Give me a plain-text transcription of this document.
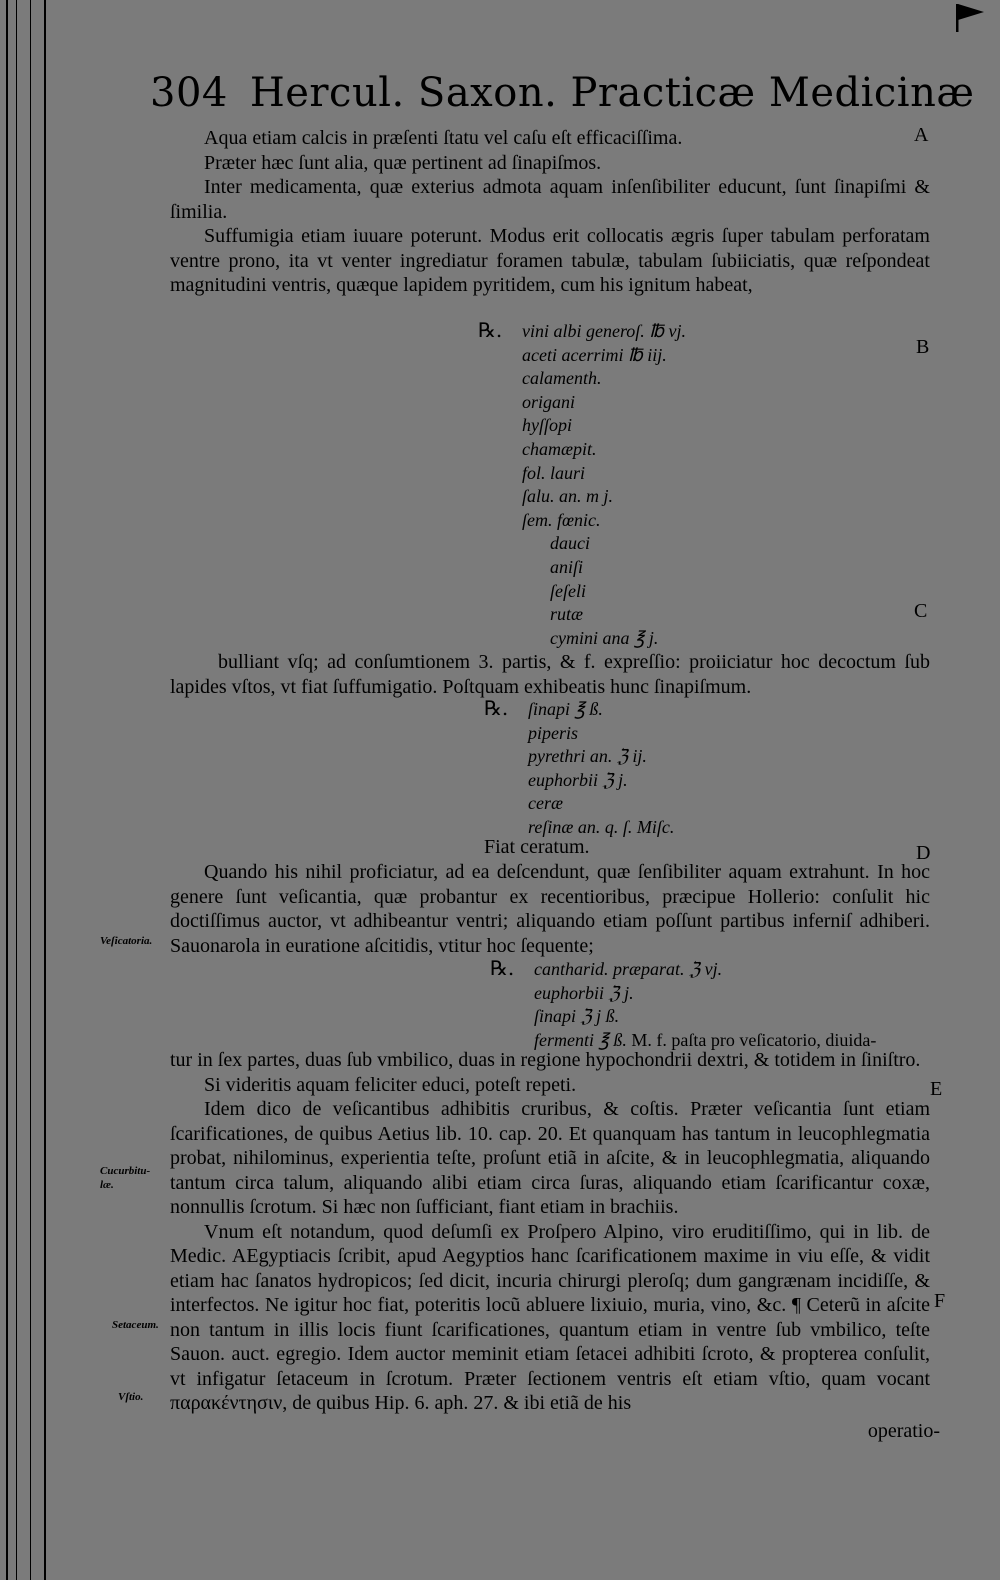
304 Hercul. Saxon. Practicæ Medicinæ

Aqua etiam calcis in præſenti ſtatu vel caſu eſt efficaciſſima.

Præter hæc ſunt alia, quæ pertinent ad ſinapiſmos.

Inter medicamenta, quæ exterius admota aquam inſenſibiliter educunt, ſunt ſinapiſmi & ſimilia.

Suffumigia etiam iuuare poterunt. Modus erit collocatis ægris ſuper tabulam perforatam ventre prono, ita vt venter ingrediatur foramen tabulæ, tabulam ſubiiciatis, quæ reſpondeat magnitudini ventris, quæque lapidem pyritidem, cum his ignitum habeat,

℞. vini albi generoſ. ℔ vj.
aceti acerrimi ℔ iij.
calamenth.
origani
hyſſopi
chamæpit.
fol. lauri
ſalu. an. m j.
ſem. fœnic.
dauci
aniſi
ſeſeli
rutæ
cymini ana ℥ j.

bulliant vſq; ad conſumtionem 3. partis, & f. expreſſio: proiiciatur hoc decoctum ſub lapides vſtos, vt fiat ſuffumigatio. Poſtquam exhibeatis hunc ſinapiſmum.

℞. ſinapi ℥ ß.
piperis
pyrethri an. ℨ ij.
euphorbii ℨ j.
ceræ
reſinæ an. q. ſ. Miſc.
Fiat ceratum.

Quando his nihil proficiatur, ad ea deſcendunt, quæ ſenſibiliter aquam extrahunt. In hoc genere ſunt veſicantia, quæ probantur ex recentioribus, præcipue Hollerio: conſulit hic doctiſſimus auctor, vt adhibeantur ventri; aliquando etiam poſſunt partibus inferniſ adhiberi. Sauonarola in euratione aſcitidis, vtitur hoc ſequente;

℞. cantharid. præparat. ℨ vj.
euphorbii ℨ j.
ſinapi ℨ j ß.
fermenti ℥ ß. M. f. paſta pro veſicatorio, diuida-

tur in ſex partes, duas ſub vmbilico, duas in regione hypochondrii dextri, & totidem in ſiniſtro.

Si videritis aquam feliciter educi, poteſt repeti.

Idem dico de veſicantibus adhibitis cruribus, & coſtis. Præter veſicantia ſunt etiam ſcarificationes, de quibus Aetius lib. 10. cap. 20. Et quanquam has tantum in leucophlegmatia probat, nihilominus, experientia teſte, proſunt etiã in aſcite, & in leucophlegmatia, aliquando tantum circa talum, aliquando alibi etiam circa ſuras, aliquando etiam ſcarificantur coxæ, nonnullis ſcrotum. Si hæc non ſufficiant, fiant etiam in brachiis.

Vnum eſt notandum, quod deſumſi ex Proſpero Alpino, viro eruditiſſimo, qui in lib. de Medic. AEgyptiacis ſcribit, apud Aegyptios hanc ſcarificationem maxime in viu eſſe, & vidit etiam hac ſanatos hydropicos; ſed dicit, incuria chirurgi pleroſq; dum gangrænam incidiſſe, & interfectos. Ne igitur hoc fiat, poteritis locũ abluere lixiuio, muria, vino, &c. ¶ Ceterũ in aſcite non tantum in illis locis fiunt ſcarificationes, quantum etiam in ventre ſub vmbilico, teſte Sauon. auct. egregio. Idem auctor meminit etiam ſetacei adhibiti ſcroto, & propterea conſulit, vt infigatur ſetaceum in ſcrotum. Præter ſectionem ventris eſt etiam vſtio, quam vocant παρακέντησιν, de quibus Hip. 6. aph. 27. & ibi etiã de his

operatio-
A
B
C
D
E
F
Veſicatoria.
Cucurbitulæ.
Setaceum.
Vſtio.
